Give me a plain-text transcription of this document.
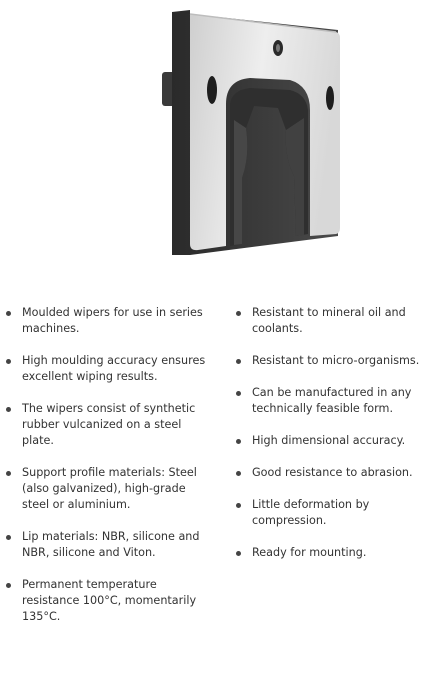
Moulded wipers for use in series machines.
High moulding accuracy ensures excellent wiping results.
The wipers consist of synthetic rubber vulcanized on a steel plate.
Support profile materials: Steel (also galvanized), high-grade steel or aluminium.
Lip materials: NBR, silicone and NBR, silicone and Viton.
Permanent temperature resistance 100°C, momentarily 135°C.
Resistant to mineral oil and coolants.
Resistant to micro-organisms.
Can be manufactured in any technically feasible form.
High dimensional accuracy.
Good resistance to abrasion.
Little deformation by compression.
Ready for mounting.
